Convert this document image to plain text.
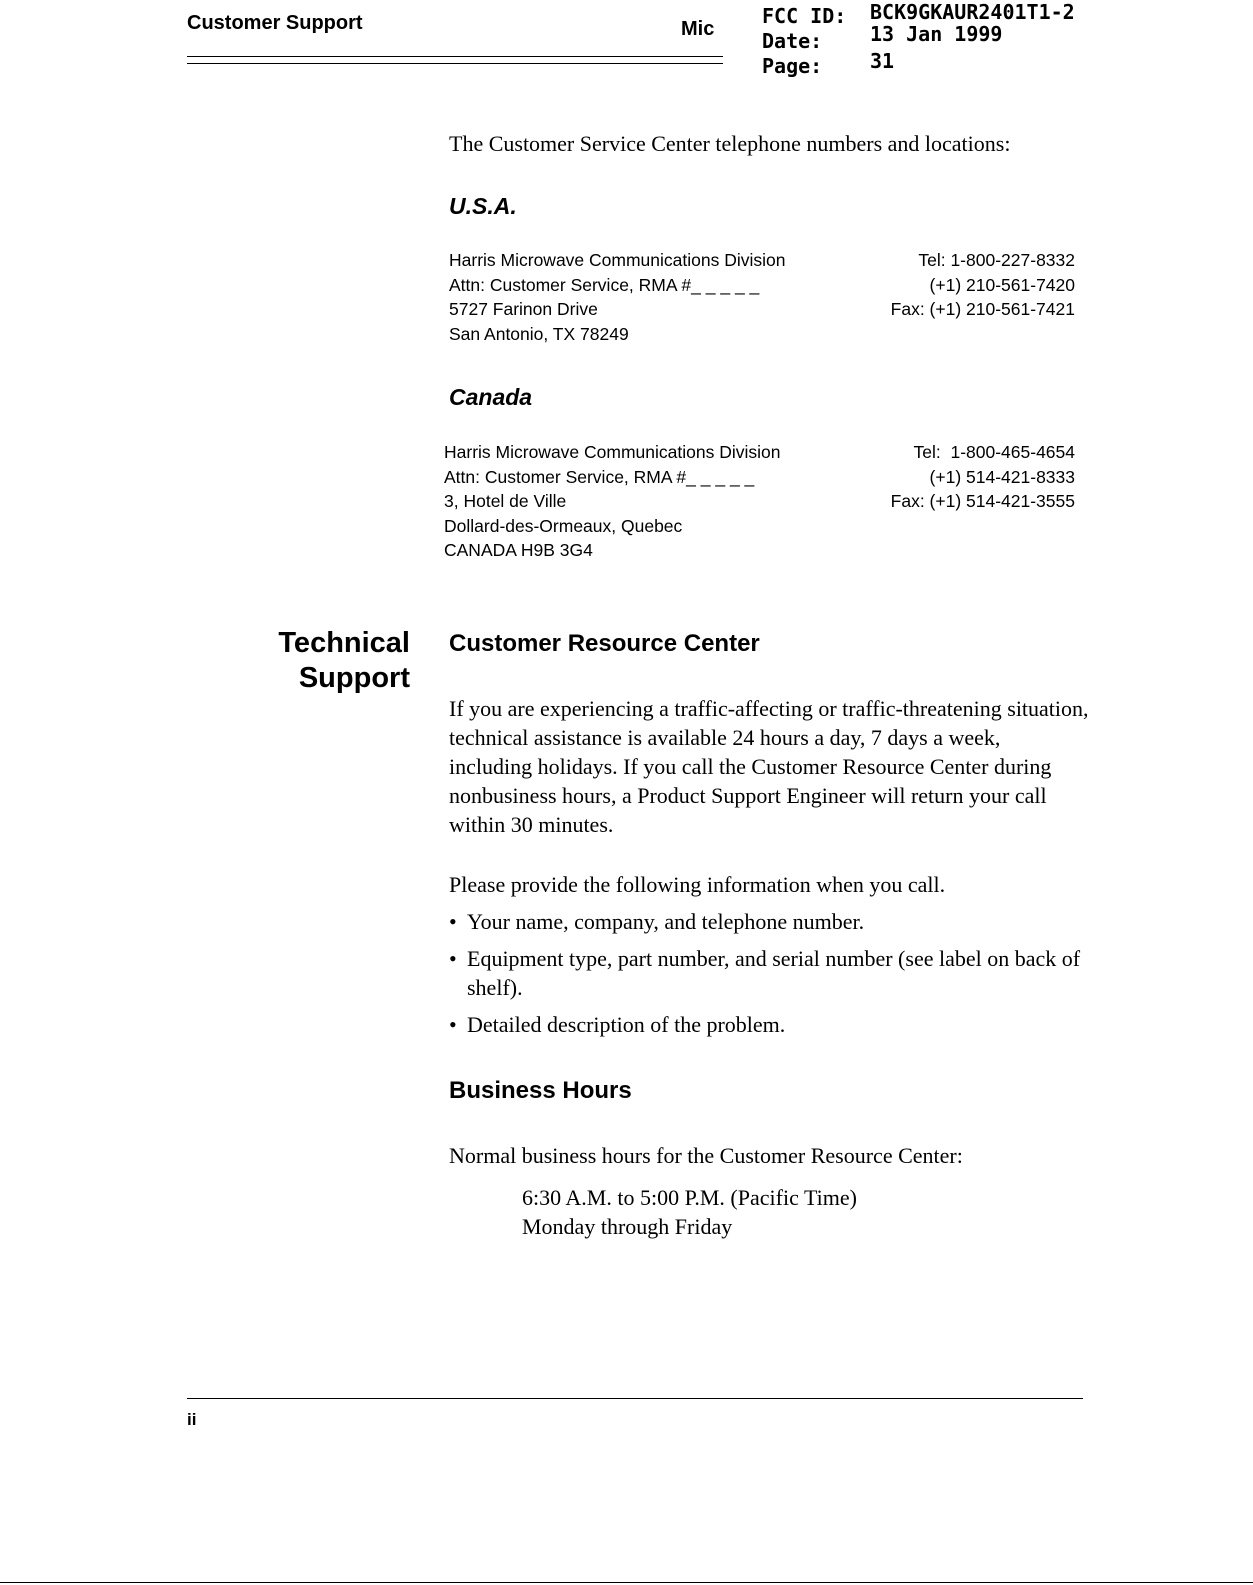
Customer Support	Mic
FCC ID: BCK9GKAUR2401T1-2
Date: 13 Jan 1999
Page: 31
The Customer Service Center telephone numbers and locations:
U.S.A.
Harris Microwave Communications Division
Attn: Customer Service, RMA #_ _ _ _ _
5727 Farinon Drive
San Antonio, TX 78249
Tel: 1-800-227-8332
(+1) 210-561-7420
Fax: (+1) 210-561-7421
Canada
Harris Microwave Communications Division
Attn: Customer Service, RMA #_ _ _ _ _
3, Hotel de Ville
Dollard-des-Ormeaux, Quebec
CANADA H9B 3G4
Tel:  1-800-465-4654
(+1) 514-421-8333
Fax: (+1) 514-421-3555
Technical
Support
Customer Resource Center
If you are experiencing a traffic-affecting or traffic-threatening situation, technical assistance is available 24 hours a day, 7 days a week, including holidays. If you call the Customer Resource Center during nonbusiness hours, a Product Support Engineer will return your call within 30 minutes.
Please provide the following information when you call.
• Your name, company, and telephone number.
• Equipment type, part number, and serial number (see label on back of shelf).
• Detailed description of the problem.
Business Hours
Normal business hours for the Customer Resource Center:
6:30 A.M. to 5:00 P.M. (Pacific Time)
Monday through Friday
ii
